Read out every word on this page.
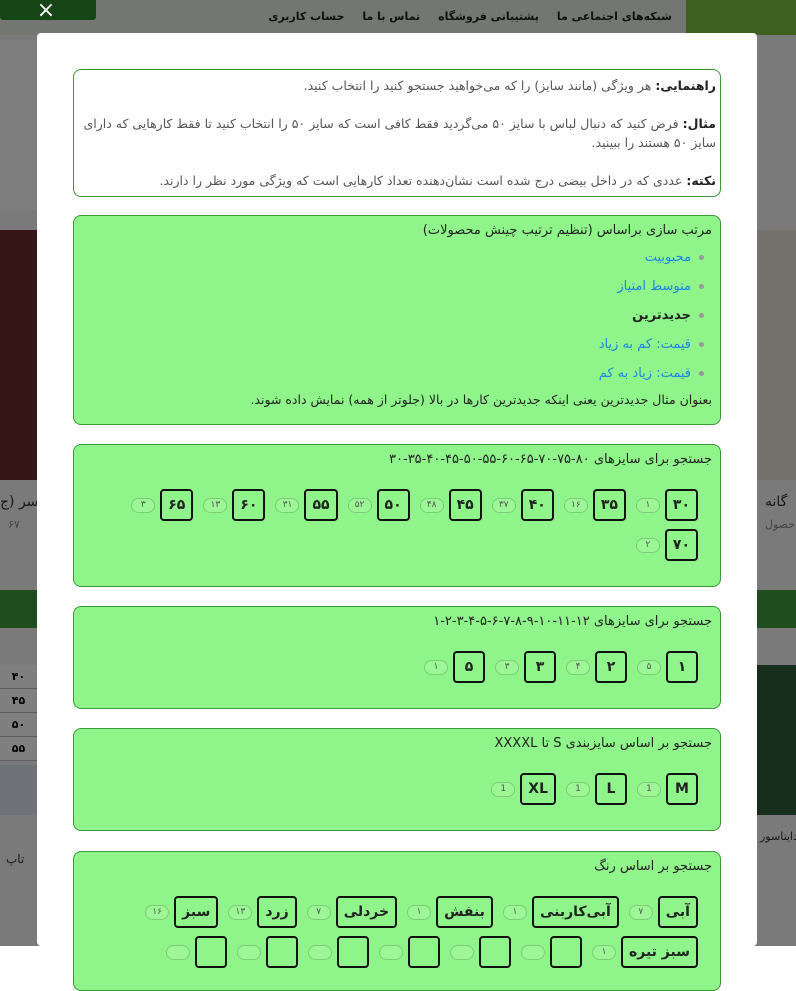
×

راهنمایی: هر ویژگی (مانند سایز) را که می‌خواهید جستجو کنید را انتخاب کنید.

مثال: فرض کنید که دنبال لباس با سایز ۵۰ می‌گردید فقط کافی است که سایز ۵۰ را انتخاب کنید تا فقط کارهایی که دارای سایز ۵۰ هستند را ببینید.

نکته: عددی که در داخل بیضی درج شده است نشان‌دهنده تعداد کارهایی است که ویژگی مورد نظر را دارند.

مرتب سازی براساس (تنظیم ترتیب چینش محصولات)
محبوبیت
متوسط امتیاز
جدیدترین
قیمت: کم به زیاد
قیمت: زیاد به کم
بعنوان مثال جدیدترین یعنی اینکه جدیدترین کارها در بالا (جلوتر از همه) نمایش داده شوند.
جستجو برای سایزهای ۸۰-۷۵-۷۰-۶۵-۶۰-۵۵-۵۰-۴۵-۴۰-۳۵-۳۰
۳۰
۱
۳۵
۱۶
۴۰
۳۷
۴۵
۴۸
۵۰
۵۲
۵۵
۳۱
۶۰
۱۳
۶۵
۳
۷۰
۲
جستجو برای سایزهای ۱۲-۱۱-۱۰-۹-۸-۷-۶-۵-۴-۳-۲-۱
۱
۵
۲
۴
۳
۳
۵
۱
جستجو بر اساس سایزبندی S تا XXXXL
M
1
L
1
XL
1
جستجو بر اساس رنگ
آبی
۷
آبی‌کاربنی
۱
بنفش
۱
خردلی
۷
زرد
۱۳
سبز
۱۶
سبز تیره
۱
